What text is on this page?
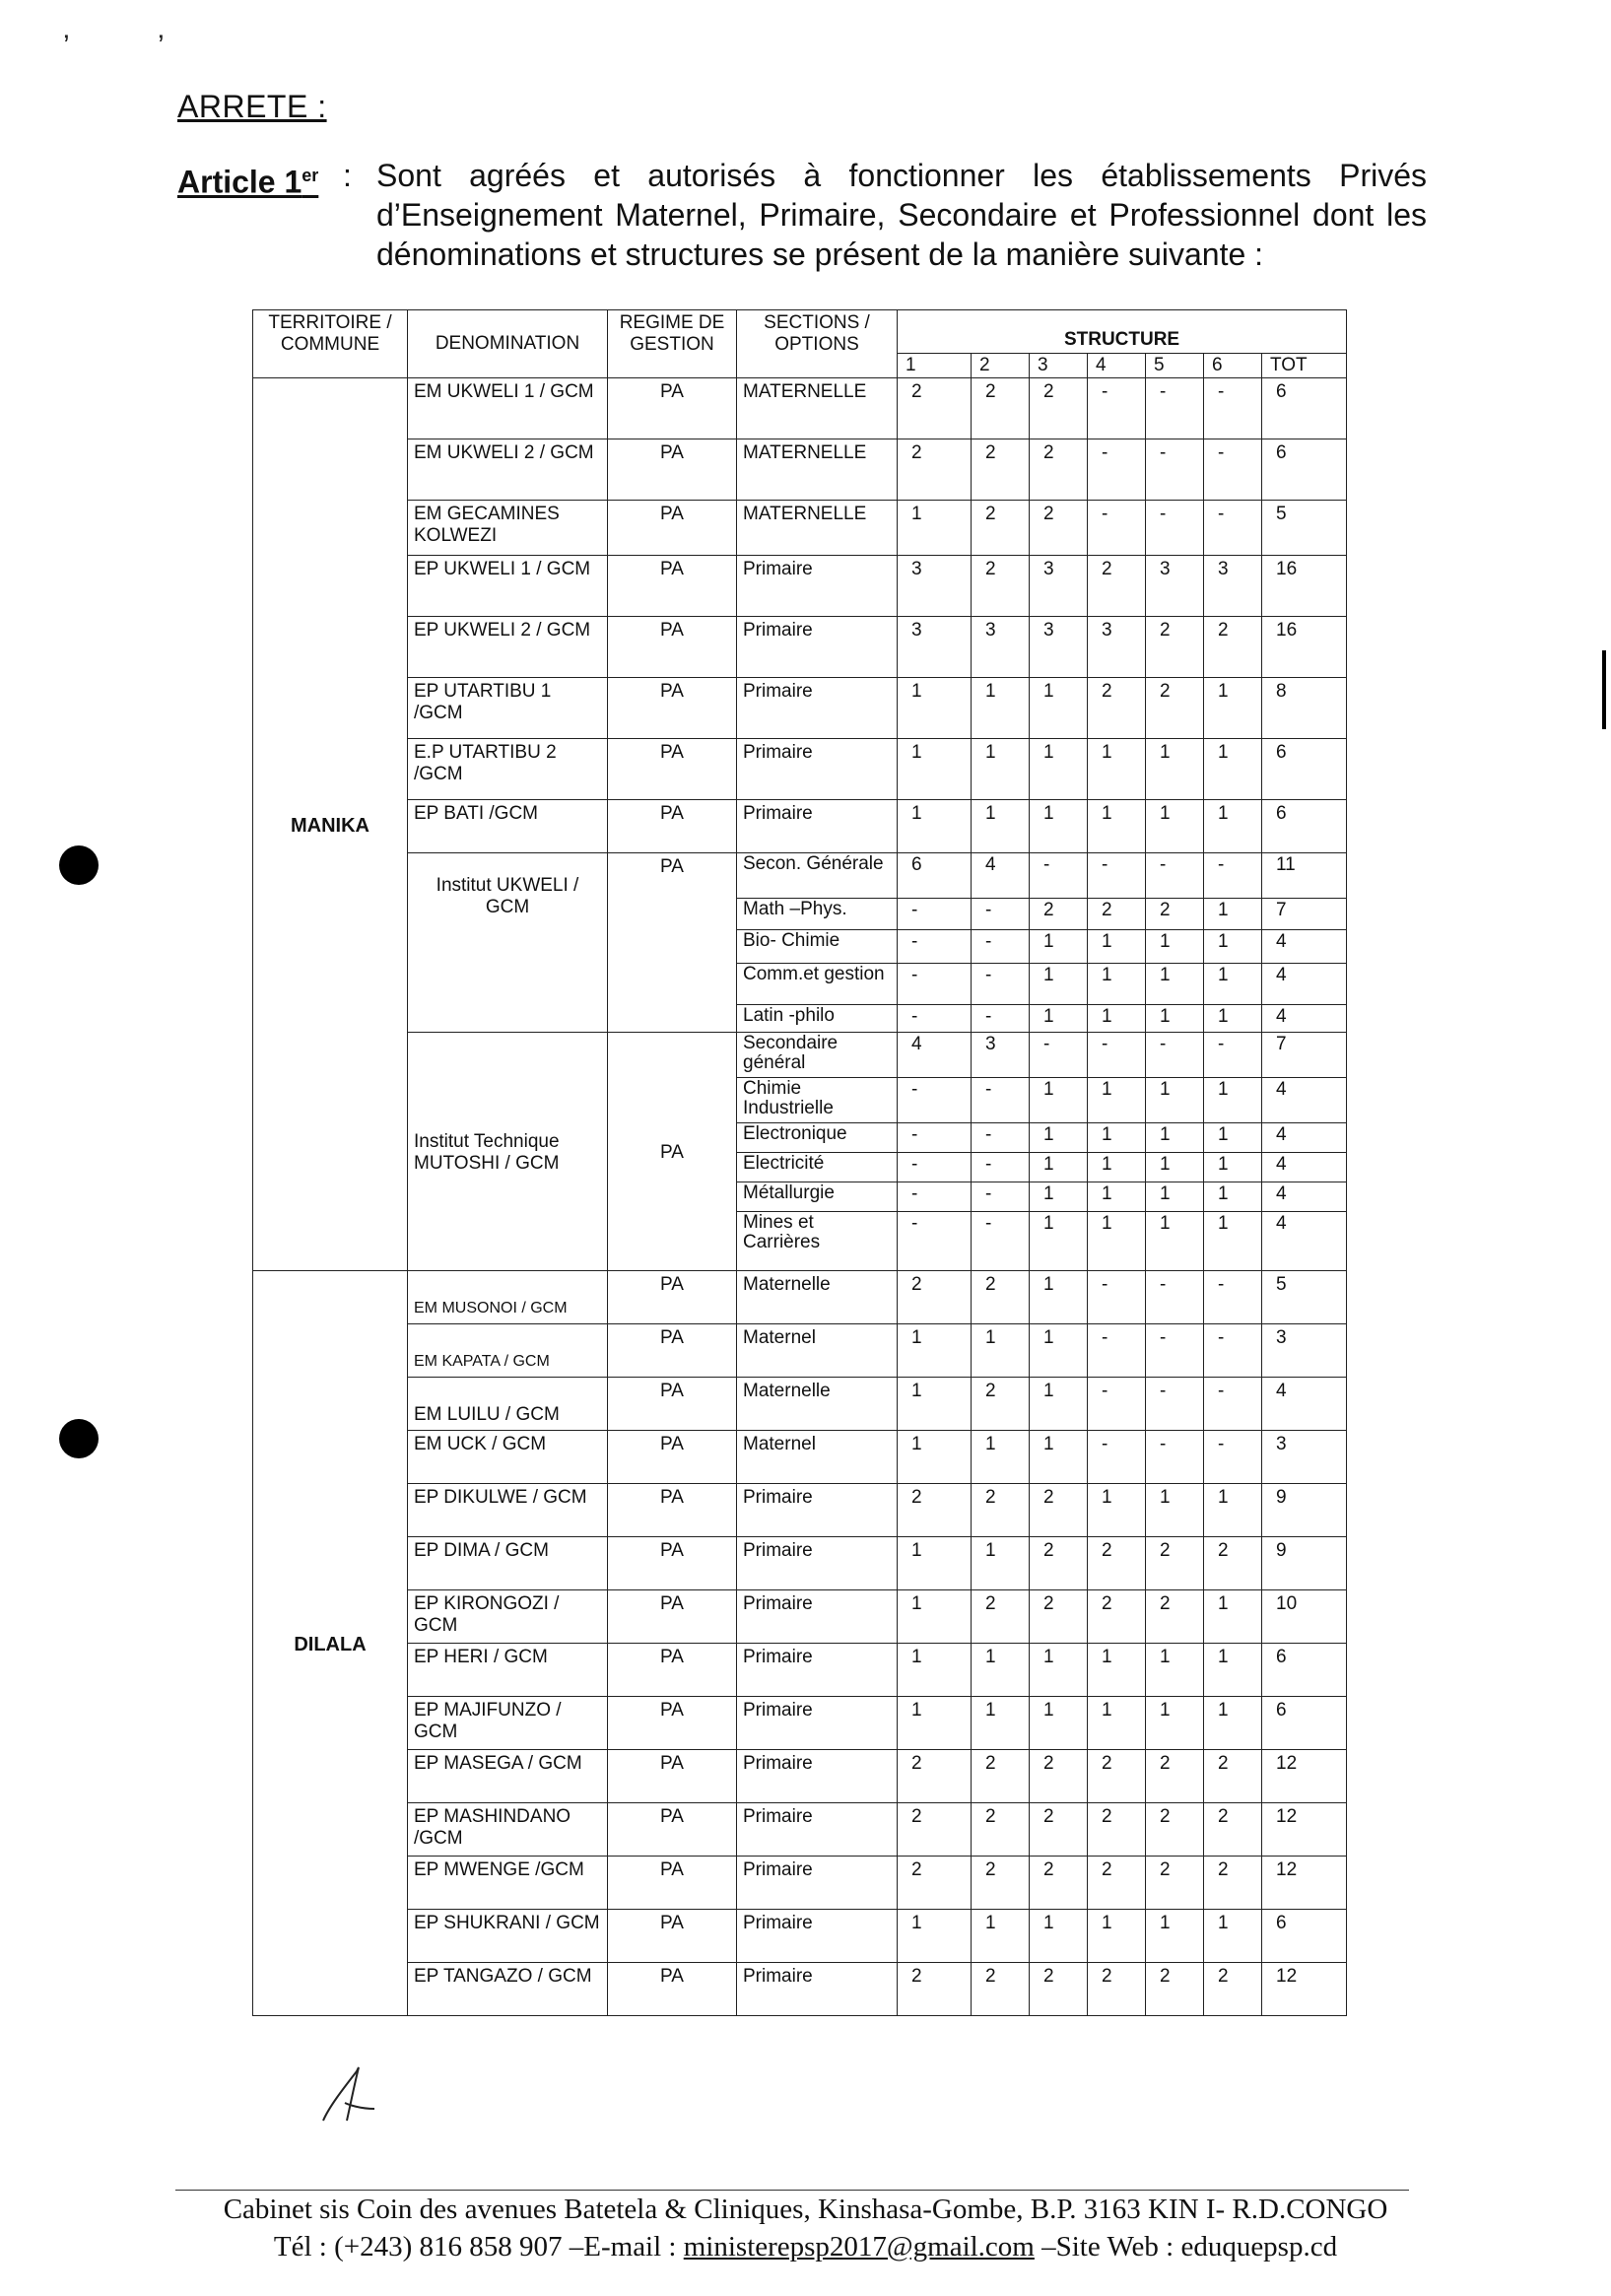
’	’
ARRETE :
Article 1er : Sont agréés et autorisés à fonctionner les établissements Privés d’Enseignement Maternel, Primaire, Secondaire et Professionnel dont les dénominations et structures se présent de la manière suivante :
TERRITOIRE / COMMUNE	DENOMINATION	REGIME DE GESTION	SECTIONS / OPTIONS	STRUCTURE						
				1	2	3	4	5	6	TOT
MANIKA	EM UKWELI 1 / GCM	PA	MATERNELLE	2	2	2	-	-	-	6
	EM UKWELI 2 / GCM	PA	MATERNELLE	2	2	2	-	-	-	6
	EM GECAMINES KOLWEZI	PA	MATERNELLE	1	2	2	-	-	-	5
	EP UKWELI 1 / GCM	PA	Primaire	3	2	3	2	3	3	16
	EP UKWELI 2 / GCM	PA	Primaire	3	3	3	3	2	2	16
	EP UTARTIBU 1 /GCM	PA	Primaire	1	1	1	2	2	1	8
	E.P UTARTIBU 2 /GCM	PA	Primaire	1	1	1	1	1	1	6
	EP BATI /GCM	PA	Primaire	1	1	1	1	1	1	6
	Institut UKWELI / GCM	PA	Secon. Générale	6	4	-	-	-	-	11
			Math –Phys.	-	-	2	2	2	1	7
			Bio- Chimie	-	-	1	1	1	1	4
			Comm.et gestion	-	-	1	1	1	1	4
			Latin -philo	-	-	1	1	1	1	4
	Institut Technique MUTOSHI / GCM	PA	Secondaire général	4	3	-	-	-	-	7
			Chimie Industrielle	-	-	1	1	1	1	4
			Electronique	-	-	1	1	1	1	4
			Electricité	-	-	1	1	1	1	4
			Métallurgie	-	-	1	1	1	1	4
			Mines et Carrières	-	-	1	1	1	1	4
DILALA	EM MUSONOI / GCM	PA	Maternelle	2	2	1	-	-	-	5
	EM KAPATA / GCM	PA	Maternel	1	1	1	-	-	-	3
	EM LUILU / GCM	PA	Maternelle	1	2	1	-	-	-	4
	EM UCK / GCM	PA	Maternel	1	1	1	-	-	-	3
	EP DIKULWE / GCM	PA	Primaire	2	2	2	1	1	1	9
	EP DIMA / GCM	PA	Primaire	1	1	2	2	2	2	9
	EP KIRONGOZI / GCM	PA	Primaire	1	2	2	2	2	1	10
	EP HERI / GCM	PA	Primaire	1	1	1	1	1	1	6
	EP MAJIFUNZO / GCM	PA	Primaire	1	1	1	1	1	1	6
	EP MASEGA / GCM	PA	Primaire	2	2	2	2	2	2	12
	EP MASHINDANO /GCM	PA	Primaire	2	2	2	2	2	2	12
	EP MWENGE /GCM	PA	Primaire	2	2	2	2	2	2	12
	EP SHUKRANI / GCM	PA	Primaire	1	1	1	1	1	1	6
	EP TANGAZO / GCM	PA	Primaire	2	2	2	2	2	2	12
Cabinet sis Coin des avenues Batetela & Cliniques, Kinshasa-Gombe, B.P. 3163 KIN I- R.D.CONGO
Tél : (+243) 816 858 907 –E-mail : ministerepsp2017@gmail.com –Site Web : eduquepsp.cd
